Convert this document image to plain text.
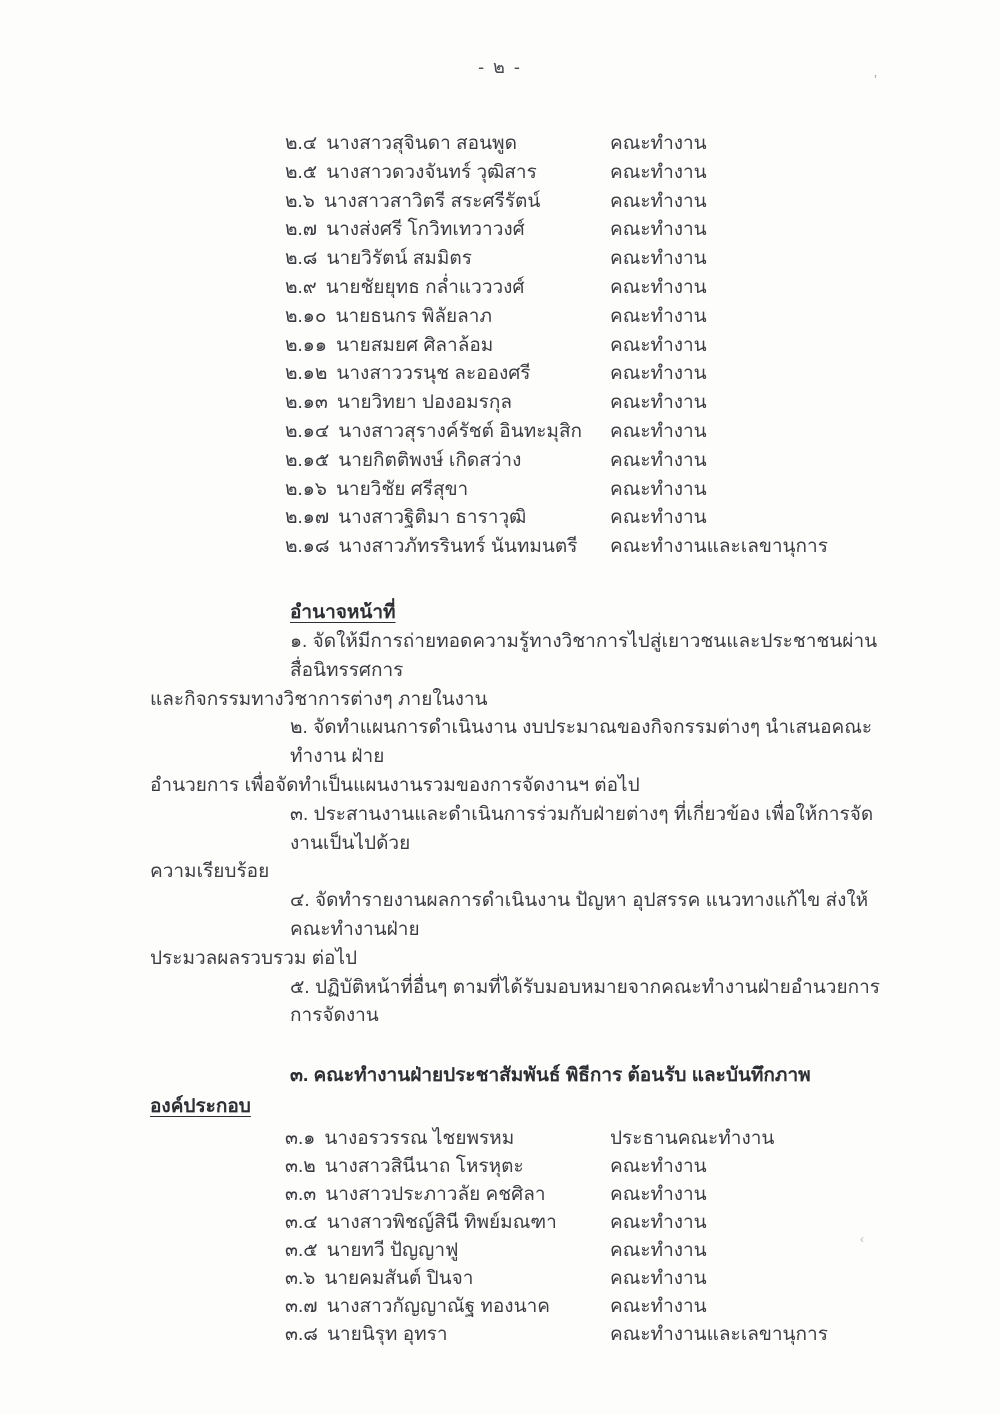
- ๒ -
๒.๔ นางสาวสุจินดา สอนพูด	คณะทำงาน
๒.๕ นางสาวดวงจันทร์ วุฒิสาร	คณะทำงาน
๒.๖ นางสาวสาวิตรี สระศรีรัตน์	คณะทำงาน
๒.๗ นางส่งศรี โกวิทเทวาวงศ์	คณะทำงาน
๒.๘ นายวิรัตน์ สมมิตร	คณะทำงาน
๒.๙ นายชัยยุทธ กล่ำแวววงศ์	คณะทำงาน
๒.๑๐ นายธนกร พิลัยลาภ	คณะทำงาน
๒.๑๑ นายสมยศ ศิลาล้อม	คณะทำงาน
๒.๑๒ นางสาววรนุช ละอองศรี	คณะทำงาน
๒.๑๓ นายวิทยา ปองอมรกุล	คณะทำงาน
๒.๑๔ นางสาวสุรางค์รัชต์ อินทะมุสิก	คณะทำงาน
๒.๑๕ นายกิตติพงษ์ เกิดสว่าง	คณะทำงาน
๒.๑๖ นายวิชัย ศรีสุขา	คณะทำงาน
๒.๑๗ นางสาวฐิติมา ธาราวุฒิ	คณะทำงาน
๒.๑๘ นางสาวภัทรรินทร์ นันทมนตรี	คณะทำงานและเลขานุการ
อำนาจหน้าที่
๑. จัดให้มีการถ่ายทอดความรู้ทางวิชาการไปสู่เยาวชนและประชาชนผ่านสื่อนิทรรศการ
และกิจกรรมทางวิชาการต่างๆ ภายในงาน
๒. จัดทำแผนการดำเนินงาน งบประมาณของกิจกรรมต่างๆ นำเสนอคณะทำงาน ฝ่าย
อำนวยการ เพื่อจัดทำเป็นแผนงานรวมของการจัดงานฯ ต่อไป
๓. ประสานงานและดำเนินการร่วมกับฝ่ายต่างๆ ที่เกี่ยวข้อง เพื่อให้การจัดงานเป็นไปด้วย
ความเรียบร้อย
๔. จัดทำรายงานผลการดำเนินงาน ปัญหา อุปสรรค แนวทางแก้ไข ส่งให้คณะทำงานฝ่าย
ประมวลผลรวบรวม ต่อไป
๕. ปฏิบัติหน้าที่อื่นๆ ตามที่ได้รับมอบหมายจากคณะทำงานฝ่ายอำนวยการการจัดงาน
๓. คณะทำงานฝ่ายประชาสัมพันธ์ พิธีการ ต้อนรับ และบันทึกภาพ
องค์ประกอบ
๓.๑ นางอรวรรณ ไชยพรหม	ประธานคณะทำงาน
๓.๒ นางสาวสินีนาถ โหรหุตะ	คณะทำงาน
๓.๓ นางสาวประภาวลัย คชศิลา	คณะทำงาน
๓.๔ นางสาวพิชญ์สินี ทิพย์มณฑา	คณะทำงาน
๓.๕ นายทวี ปัญญาฟู	คณะทำงาน
๓.๖ นายคมสันต์ ปินจา	คณะทำงาน
๓.๗ นางสาวกัญญาณัฐ ทองนาค	คณะทำงาน
๓.๘ นายนิรุท อุทรา	คณะทำงานและเลขานุการ
’
‹
